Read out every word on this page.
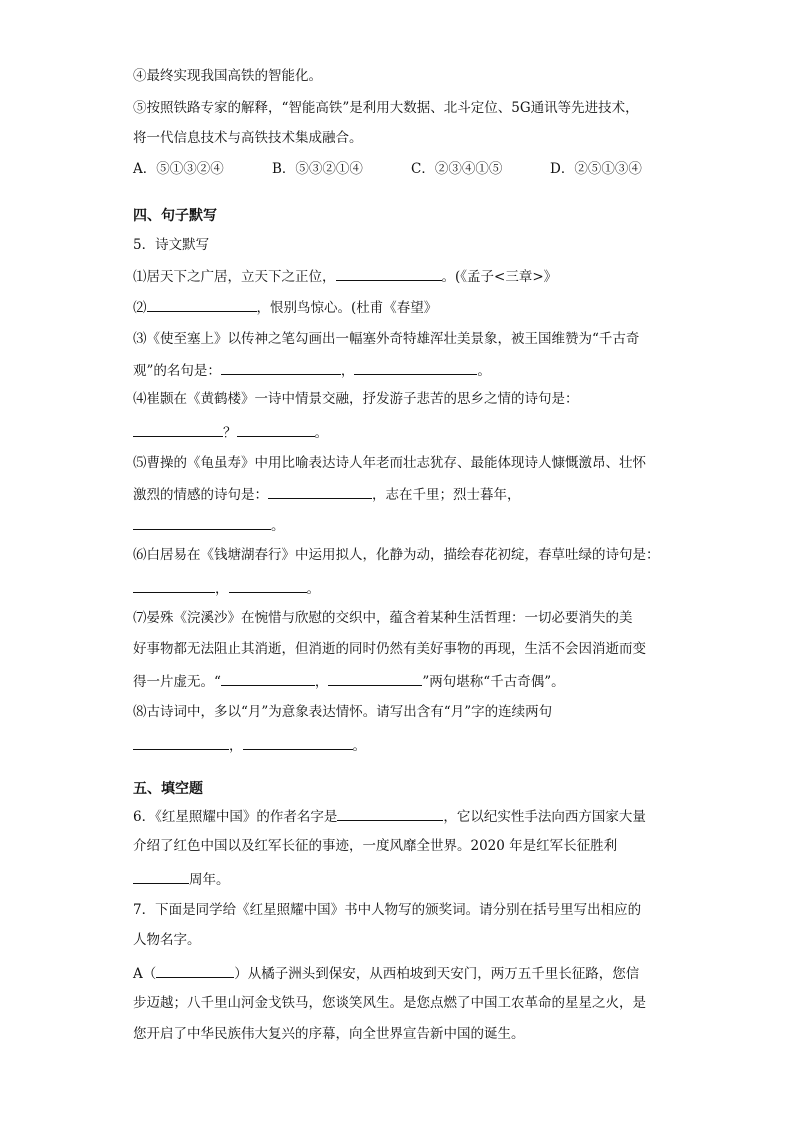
④最终实现我国高铁的智能化。
⑤按照铁路专家的解释，“智能高铁”是利用大数据、北斗定位、5G通讯等先进技术，
将一代信息技术与高铁技术集成融合。
A．⑤①③②④	B．⑤③②①④	C．②③④①⑤	D．②⑤①③④
四、句子默写
5．诗文默写
⑴居天下之广居，立天下之正位，	。(《孟子<三章>》
⑵	，恨别鸟惊心。(杜甫《春望》
⑶《使至塞上》以传神之笔勾画出一幅塞外奇特雄浑壮美景象，被王国维赞为“千古奇
观”的名句是：	，	。
⑷崔颢在《黄鹤楼》一诗中情景交融，抒发游子悲苦的思乡之情的诗句是：
？	。
⑸曹操的《龟虽寿》中用比喻表达诗人年老而壮志犹存、最能体现诗人慷慨激昂、壮怀
激烈的情感的诗句是：	，志在千里；烈士暮年，
。
⑹白居易在《钱塘湖春行》中运用拟人，化静为动，描绘春花初绽，春草吐绿的诗句是：
，	。
⑺晏殊《浣溪沙》在惋惜与欣慰的交织中，蕴含着某种生活哲理：一切必要消失的美
好事物都无法阻止其消逝，但消逝的同时仍然有美好事物的再现，生活不会因消逝而变
得一片虚无。“	，	”两句堪称“千古奇偶”。
⑻古诗词中，多以“月”为意象表达情怀。请写出含有“月”字的连续两句
，	。
五、填空题
6．《红星照耀中国》的作者名字是	，它以纪实性手法向西方国家大量
介绍了红色中国以及红军长征的事迹，一度风靡全世界。2020 年是红军长征胜利
周年。
7．下面是同学给《红星照耀中国》书中人物写的颁奖词。请分别在括号里写出相应的
人物名字。
A（	）从橘子洲头到保安，从西柏坡到天安门，两万五千里长征路，您信
步迈越；八千里山河金戈铁马，您谈笑风生。是您点燃了中国工农革命的星星之火，是
您开启了中华民族伟大复兴的序幕，向全世界宣告新中国的诞生。
